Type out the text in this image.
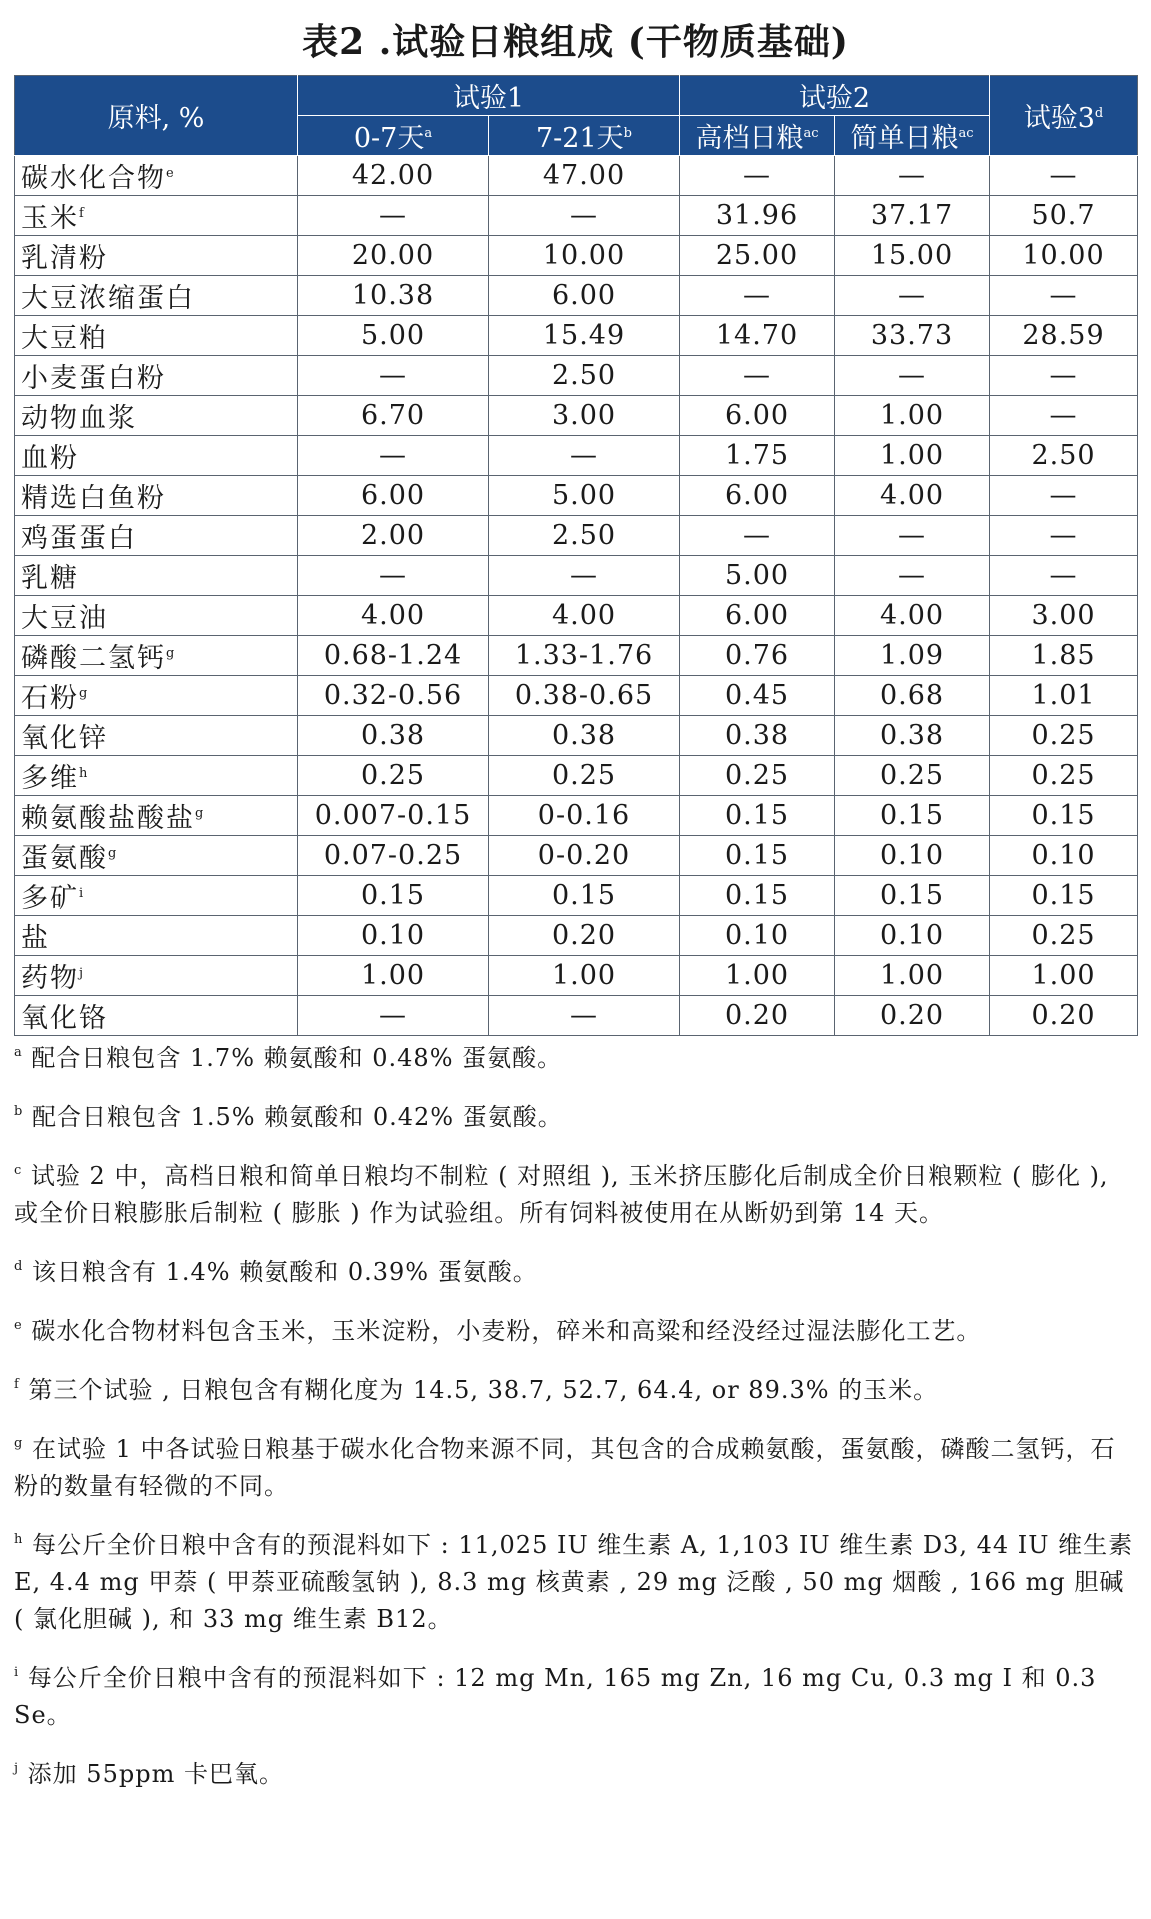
表2 .试验日粮组成 (干物质基础)
原料, %	试验1		试验2		试验3$^d$
	0-7天$^a$	7-21天$^b$	高档日粮$^{ac}$	简单日粮$^{ac}$
碳水化合物$^e$	42.00	47.00	—	—	—
玉米$^f$	—	—	31.96	37.17	50.7
乳清粉	20.00	10.00	25.00	15.00	10.00
大豆浓缩蛋白	10.38	6.00	—	—	—
大豆粕	5.00	15.49	14.70	33.73	28.59
小麦蛋白粉	—	2.50	—	—	—
动物血浆	6.70	3.00	6.00	1.00	—
血粉	—	—	1.75	1.00	2.50
精选白鱼粉	6.00	5.00	6.00	4.00	—
鸡蛋蛋白	2.00	2.50	—	—	—
乳糖	—	—	5.00	—	—
大豆油	4.00	4.00	6.00	4.00	3.00
磷酸二氢钙$^g$	0.68-1.24	1.33-1.76	0.76	1.09	1.85
石粉$^g$	0.32-0.56	0.38-0.65	0.45	0.68	1.01
氧化锌	0.38	0.38	0.38	0.38	0.25
多维$^h$	0.25	0.25	0.25	0.25	0.25
赖氨酸盐酸盐$^g$	0.007-0.15	0-0.16	0.15	0.15	0.15
蛋氨酸$^g$	0.07-0.25	0-0.20	0.15	0.10	0.10
多矿$^i$	0.15	0.15	0.15	0.15	0.15
盐	0.10	0.20	0.10	0.10	0.25
药物$^j$	1.00	1.00	1.00	1.00	1.00
氧化铬	—	—	0.20	0.20	0.20
$^a$ 配合日粮包含 1.7% 赖氨酸和 0.48% 蛋氨酸。
$^b$ 配合日粮包含 1.5% 赖氨酸和 0.42% 蛋氨酸。
$^c$ 试验 2 中，高档日粮和简单日粮均不制粒 ( 对照组 ), 玉米挤压膨化后制成全价日粮颗粒 ( 膨化 ), 或全价日粮膨胀后制粒 ( 膨胀 ) 作为试验组。所有饲料被使用在从断奶到第 14 天。
$^d$ 该日粮含有 1.4% 赖氨酸和 0.39% 蛋氨酸。
$^e$ 碳水化合物材料包含玉米，玉米淀粉，小麦粉，碎米和高粱和经没经过湿法膨化工艺。
$^f$ 第三个试验 , 日粮包含有糊化度为 14.5, 38.7, 52.7, 64.4, or 89.3% 的玉米。
$^g$ 在试验 1 中各试验日粮基于碳水化合物来源不同，其包含的合成赖氨酸，蛋氨酸，磷酸二氢钙，石粉的数量有轻微的不同。
$^h$ 每公斤全价日粮中含有的预混料如下 : 11,025 IU 维生素 A, 1,103 IU 维生素 D3, 44 IU 维生素 E, 4.4 mg 甲萘 ( 甲萘亚硫酸氢钠 ), 8.3 mg 核黄素 , 29 mg 泛酸 , 50 mg 烟酸 , 166 mg 胆碱 ( 氯化胆碱 ), 和 33 mg 维生素 B12。
$^i$ 每公斤全价日粮中含有的预混料如下 : 12 mg Mn, 165 mg Zn, 16 mg Cu, 0.3 mg I 和 0.3 Se。
$^j$ 添加 55ppm 卡巴氧。
